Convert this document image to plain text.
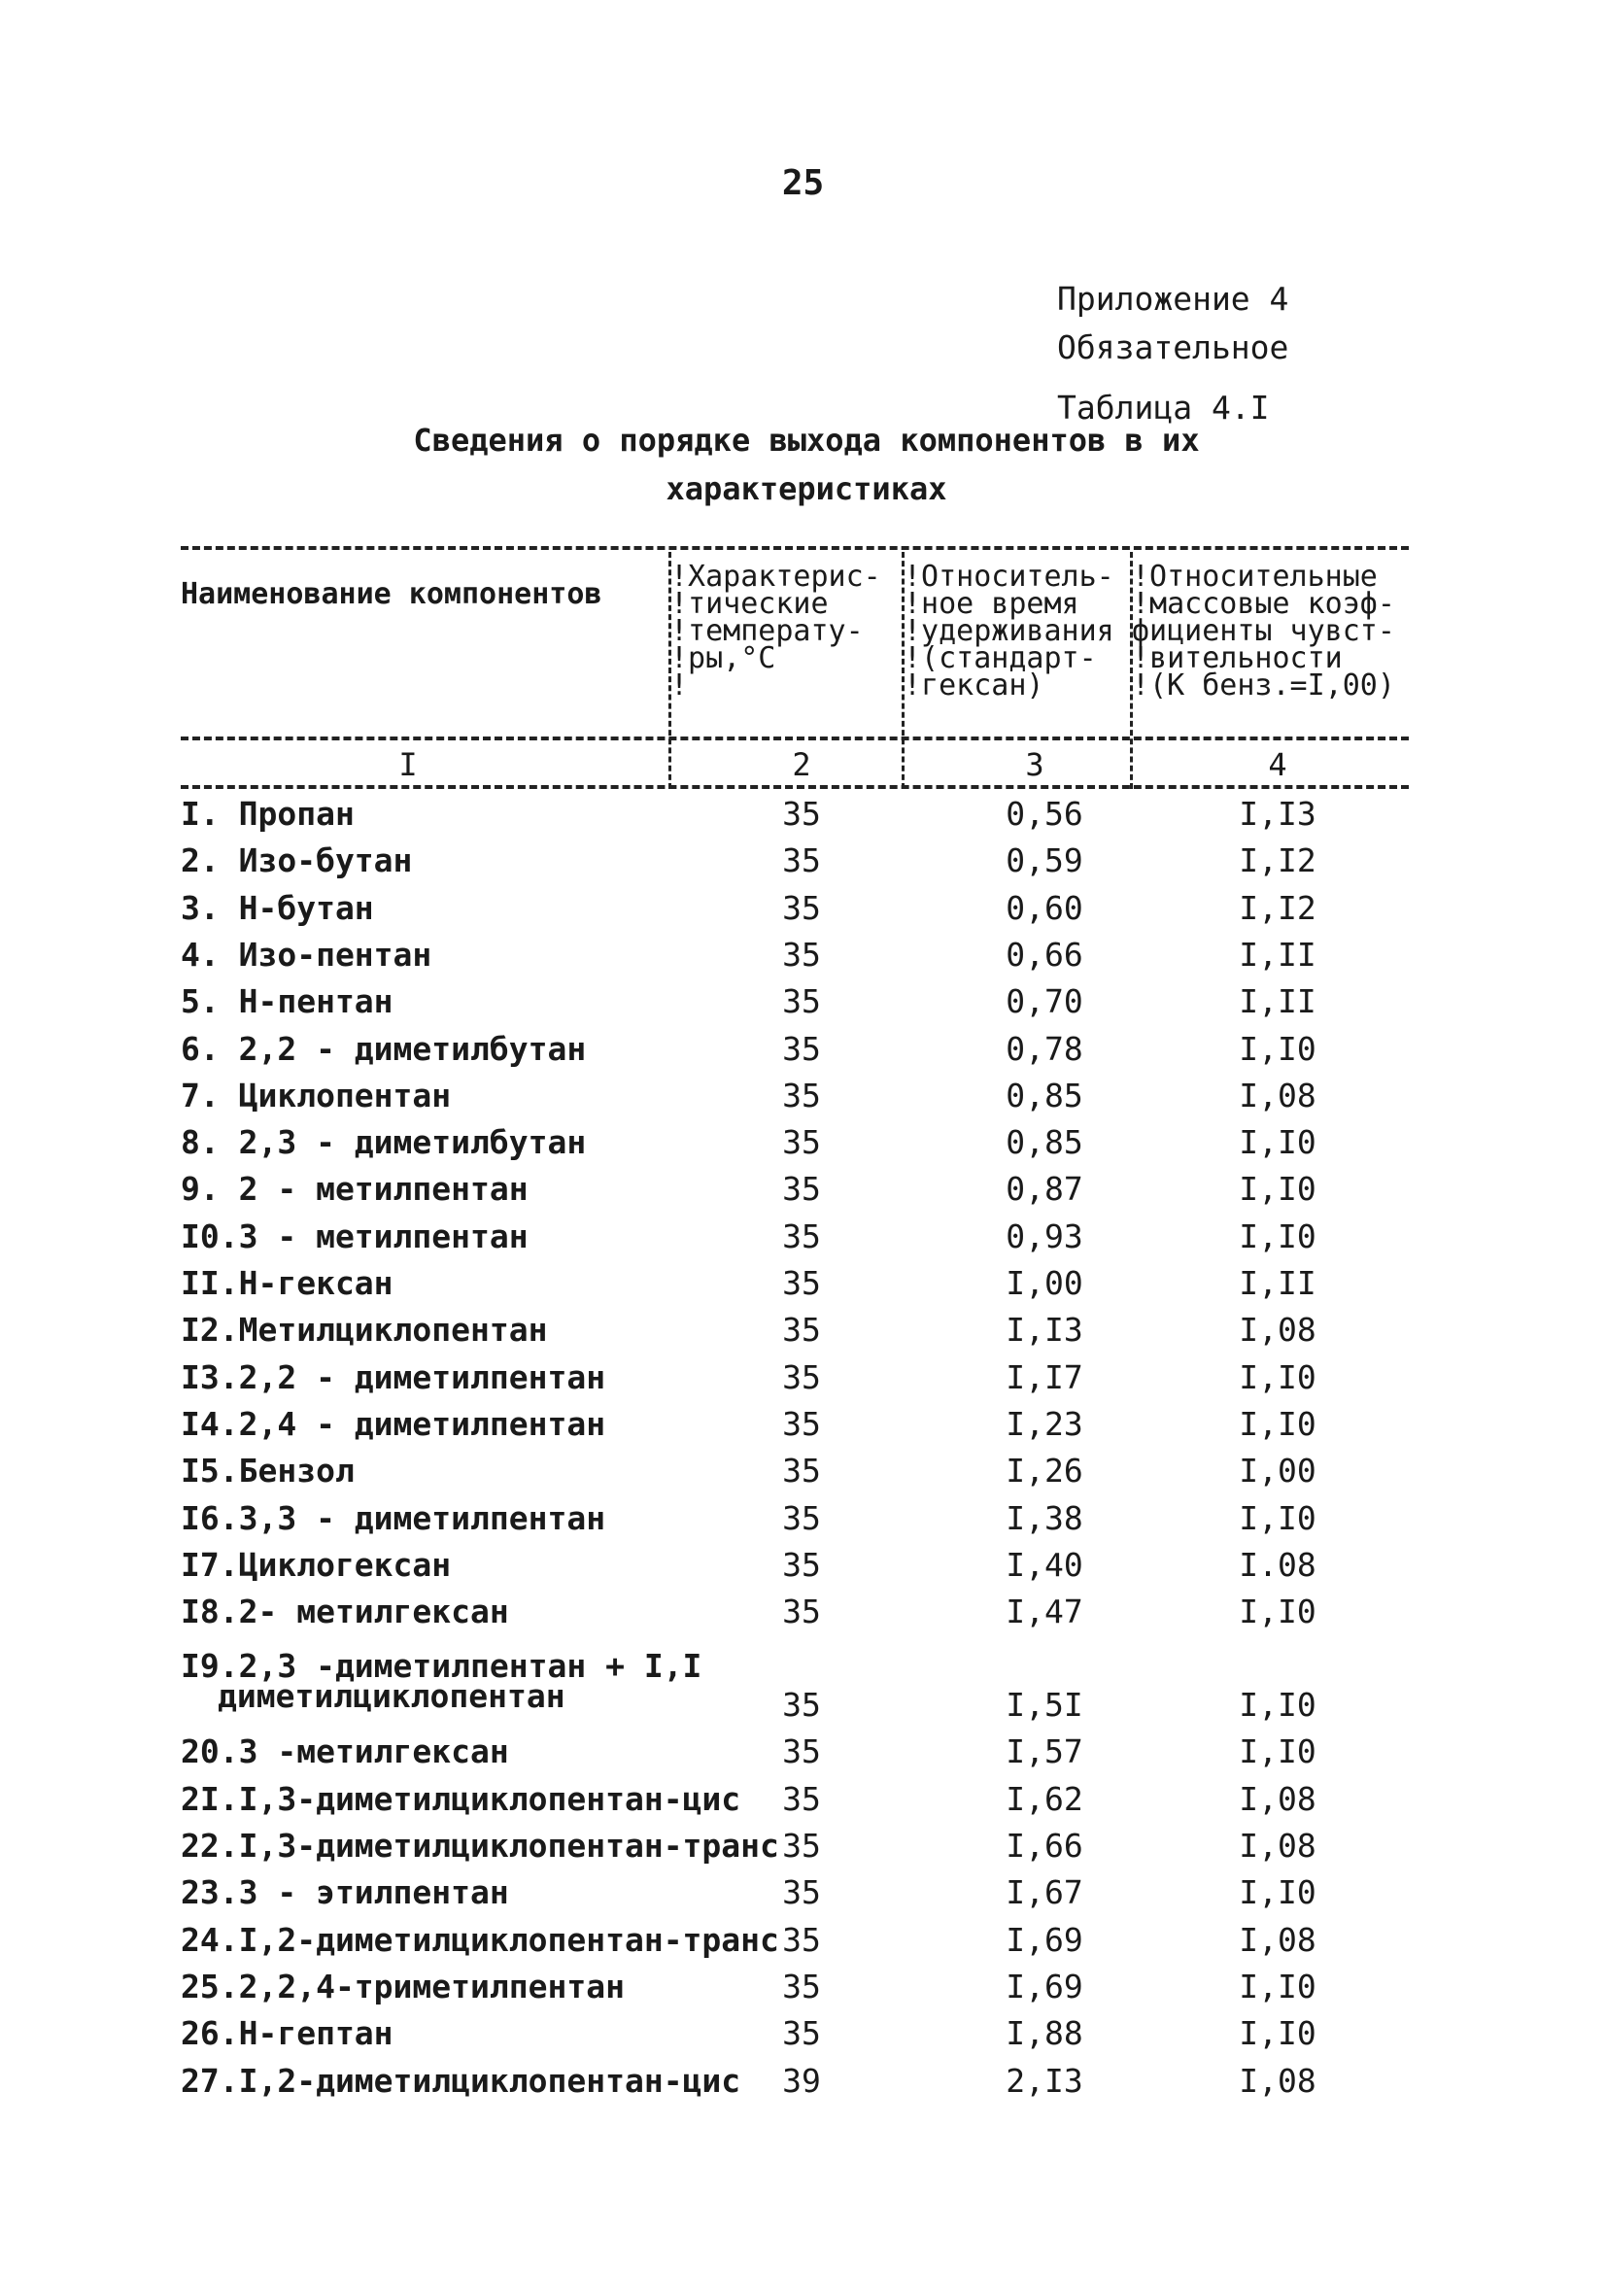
25
Приложение 4
Обязательное
Таблица 4.I
Сведения о порядке выхода компонентов в их
характеристиках
Наименование компонентов
!Характерис-
!тические
!температу-
!ры,°С
!
!Относитель-
!ное время
!удерживания
!(стандарт-
!гексан)
!Относительные
!массовые коэф-
фициенты чувст-
!вительности
!(К бенз.=I,00)
I	2	3	4
I. Пропан	35	0,56	I,I3
2. Изо-бутан	35	0,59	I,I2
3. Н-бутан	35	0,60	I,I2
4. Изо-пентан	35	0,66	I,II
5. Н-пентан	35	0,70	I,II
6. 2,2 - диметилбутан	35	0,78	I,I0
7. Циклопентан	35	0,85	I,08
8. 2,3 - диметилбутан	35	0,85	I,I0
9. 2 - метилпентан	35	0,87	I,I0
I0.3 - метилпентан	35	0,93	I,I0
II.Н-гексан	35	I,00	I,II
I2.Метилциклопентан	35	I,I3	I,08
I3.2,2 - диметилпентан	35	I,I7	I,I0
I4.2,4 - диметилпентан	35	I,23	I,I0
I5.Бензол	35	I,26	I,00
I6.3,3 - диметилпентан	35	I,38	I,I0
I7.Циклогексан	35	I,40	I.08
I8.2- метилгексан	35	I,47	I,I0
I9.2,3 -диметилпентан + I,I
диметилциклопентан	35	I,5I	I,I0
20.3 -метилгексан	35	I,57	I,I0
2I.I,3-диметилциклопентан-цис	35	I,62	I,08
22.I,3-диметилциклопентан-транс 35	I,66	I,08
23.3 - этилпентан	35	I,67	I,I0
24.I,2-диметилциклопентан-транс 35	I,69	I,08
25.2,2,4-триметилпентан	35	I,69	I,I0
26.Н-гептан	35	I,88	I,I0
27.I,2-диметилциклопентан-цис	39	2,I3	I,08
